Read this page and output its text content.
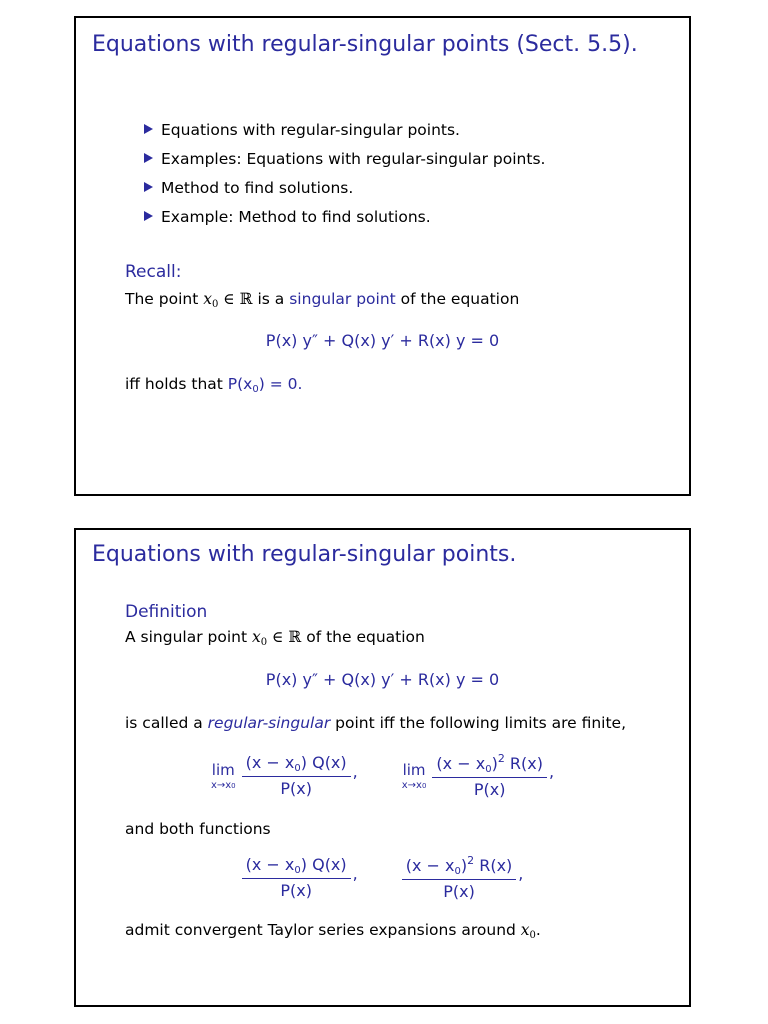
Equations with regular-singular points (Sect. 5.5).
Equations with regular-singular points.
Examples: Equations with regular-singular points.
Method to find solutions.
Example: Method to find solutions.
Recall:
The point $x_0$ ∈ ℝ is a singular point of the equation
P(x) y″ + Q(x) y′ + R(x) y = 0
iff holds that $P(x_0) = 0$.
Equations with regular-singular points.
Definition
A singular point $x_0$ ∈ ℝ of the equation
P(x) y″ + Q(x) y′ + R(x) y = 0
is called a regular-singular point iff the following limits are finite,
lim
$x\to x0 \frac{(x - x_0) Q(x)}{P(x)}$ ,	lim
$x\to x0 \frac{(x - x_0)^2 R(x)}{P(x)}$ ,
and both functions
$\frac{(x - x_0) Q(x)}{P(x)}$ ,	$\frac{(x - x_0)^2 R(x)}{P(x)}$ ,
admit convergent Taylor series expansions around $x_0$.
